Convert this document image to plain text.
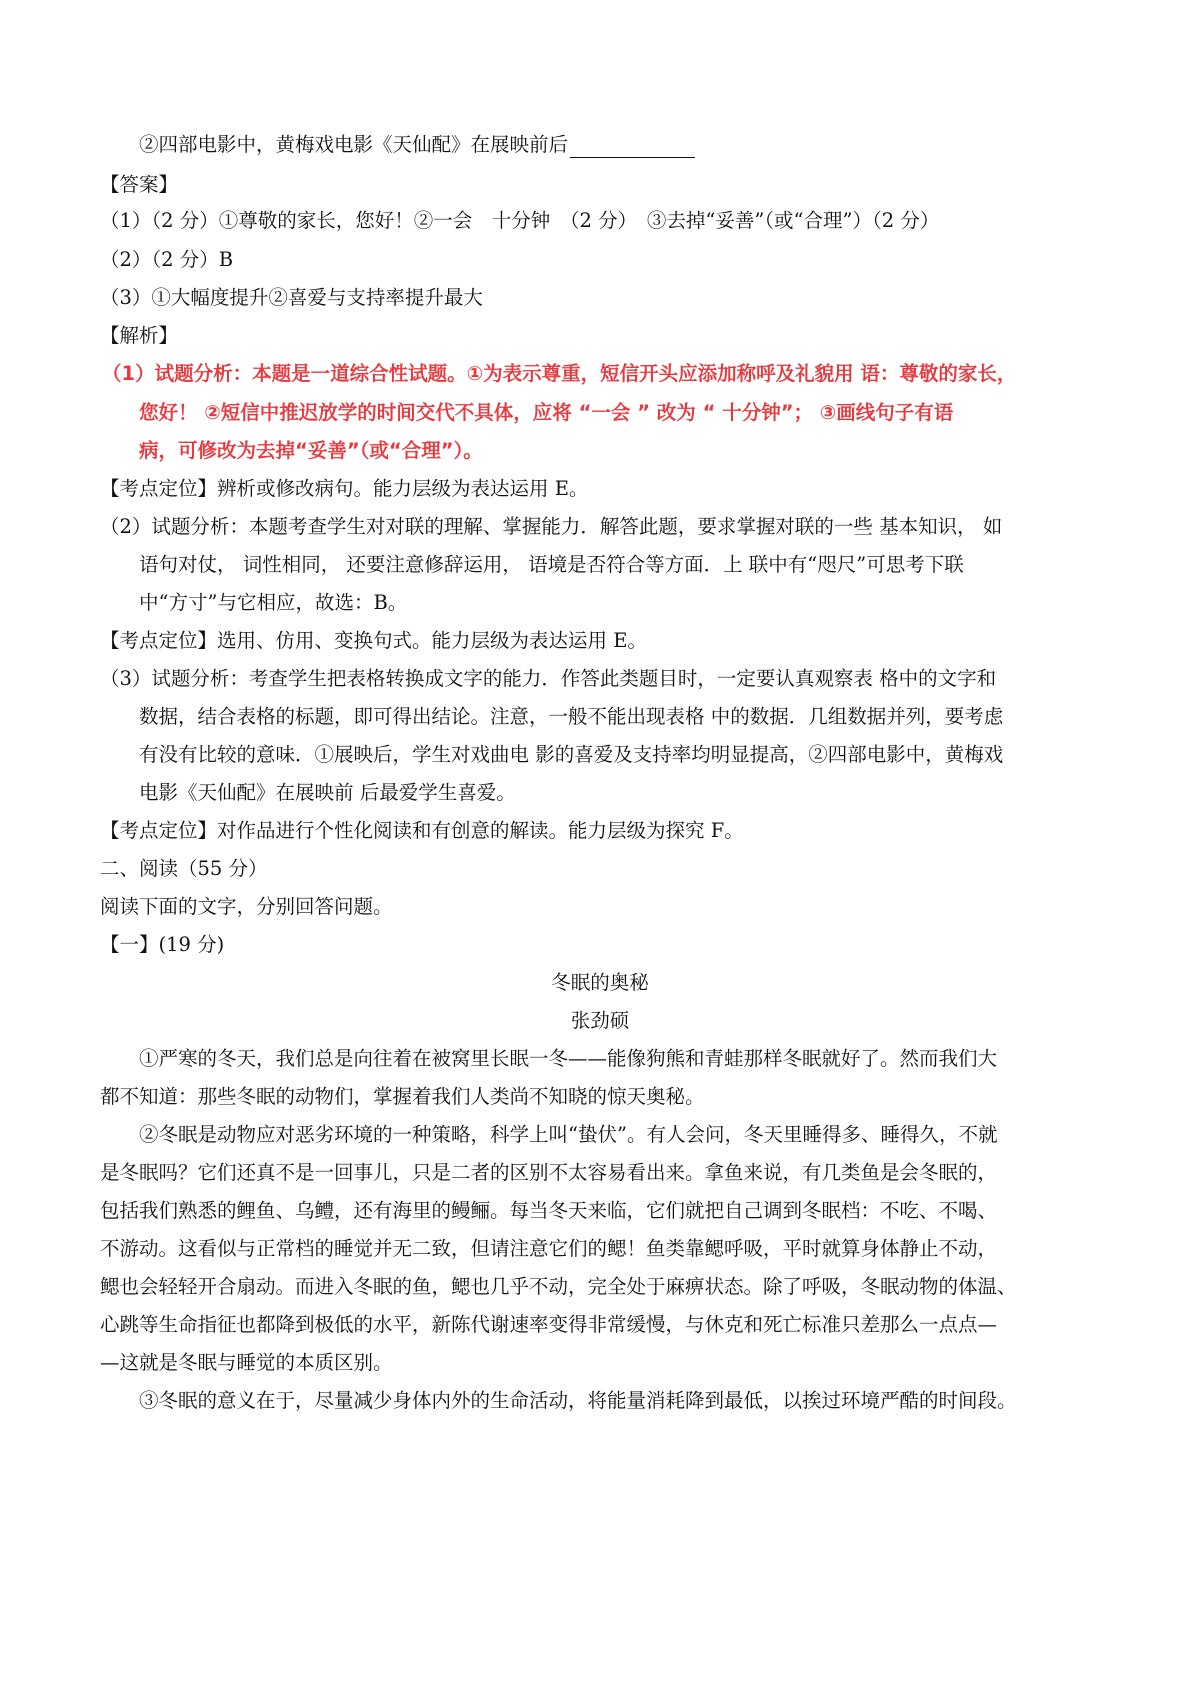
②四部电影中，黄梅戏电影《天仙配》在展映前后
【答案】
（1）（2 分）①尊敬的家长，您好！②一会　十分钟　（2 分）　③去掉“妥善”（或“合理”）（2 分）
（2）（2 分）B
（3）①大幅度提升②喜爱与支持率提升最大
【解析】
（1）试题分析：本题是一道综合性试题。①为表示尊重，短信开头应添加称呼及礼貌用 语：尊敬的家长，
您好！ ②短信中推迟放学的时间交代不具体，应将 “一会 ” 改为 “ 十分钟”； ③画线句子有语
病，可修改为去掉“妥善”（或“合理”）。
【考点定位】辨析或修改病句。能力层级为表达运用 E。
（2）试题分析：本题考查学生对对联的理解、掌握能力．解答此题，要求掌握对联的一些 基本知识， 如
语句对仗， 词性相同， 还要注意修辞运用， 语境是否符合等方面．上 联中有“咫尺”可思考下联
中“方寸”与它相应，故选：B。
【考点定位】选用、仿用、变换句式。能力层级为表达运用 E。
（3）试题分析：考查学生把表格转换成文字的能力．作答此类题目时，一定要认真观察表 格中的文字和
数据，结合表格的标题，即可得出结论。注意，一般不能出现表格 中的数据．几组数据并列，要考虑
有没有比较的意味．①展映后，学生对戏曲电 影的喜爱及支持率均明显提高，②四部电影中，黄梅戏
电影《天仙配》在展映前 后最爱学生喜爱。
【考点定位】对作品进行个性化阅读和有创意的解读。能力层级为探究 F。
二、阅读（55 分）
阅读下面的文字，分别回答问题。
【一】(19 分)
冬眠的奥秘
张劲硕
①严寒的冬天，我们总是向往着在被窝里长眠一冬——能像狗熊和青蛙那样冬眠就好了。然而我们大
都不知道：那些冬眠的动物们，掌握着我们人类尚不知晓的惊天奥秘。
②冬眠是动物应对恶劣环境的一种策略，科学上叫“蛰伏”。有人会问，冬天里睡得多、睡得久，不就
是冬眠吗？它们还真不是一回事儿，只是二者的区别不太容易看出来。拿鱼来说，有几类鱼是会冬眠的，
包括我们熟悉的鲤鱼、乌鳢，还有海里的鳗鲡。每当冬天来临，它们就把自己调到冬眠档：不吃、不喝、
不游动。这看似与正常档的睡觉并无二致，但请注意它们的鳃！鱼类靠鳃呼吸，平时就算身体静止不动，
鳃也会轻轻开合扇动。而进入冬眠的鱼，鳃也几乎不动，完全处于麻痹状态。除了呼吸，冬眠动物的体温、
心跳等生命指征也都降到极低的水平，新陈代谢速率变得非常缓慢，与休克和死亡标准只差那么一点点—
—这就是冬眠与睡觉的本质区别。
③冬眠的意义在于，尽量减少身体内外的生命活动，将能量消耗降到最低，以挨过环境严酷的时间段。
